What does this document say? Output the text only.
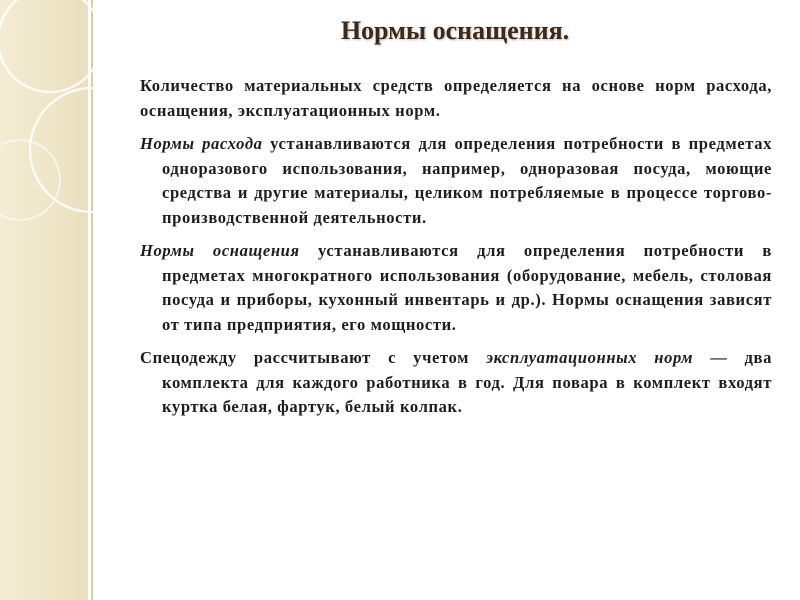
Нормы оснащения.

Количество материальных средств определяется на основе норм расхода, оснащения, эксплуатационных норм.

Нормы расхода устанавливаются для определения потребности в предметах одноразового использования, например, одноразовая посуда, моющие средства и другие материалы, целиком потребляемые в процессе торгово-производственной деятельности.

Нормы оснащения устанавливаются для определения потребности в предметах многократного использования (оборудование, мебель, столовая посуда и приборы, кухонный инвентарь и др.). Нормы оснащения зависят от типа предприятия, его мощности.

Спецодежду рассчитывают с учетом эксплуатационных норм — два комплекта для каждого работника в год. Для повара в комплект входят куртка белая, фартук, белый колпак.
